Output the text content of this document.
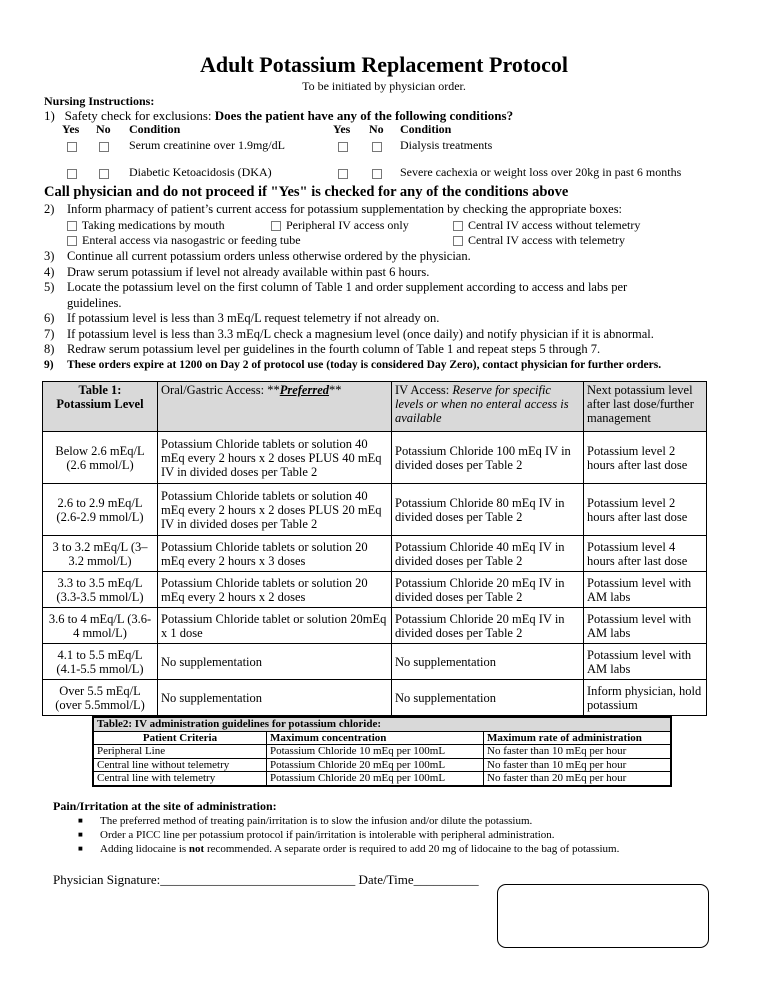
Adult Potassium Replacement Protocol
To be initiated by physician order.
Nursing Instructions:
1) Safety check for exclusions: Does the patient have any of the following conditions?
Yes No Condition	Yes No Condition
Serum creatinine over 1.9mg/dL	Dialysis treatments
Diabetic Ketoacidosis (DKA)	Severe cachexia or weight loss over 20kg in past 6 months
Call physician and do not proceed if "Yes" is checked for any of the conditions above
2)	Inform pharmacy of patient’s current access for potassium supplementation by checking the appropriate boxes:
Taking medications by mouth	Peripheral IV access only	Central IV access without telemetry
Enteral access via nasogastric or feeding tube	Central IV access with telemetry
3)	Continue all current potassium orders unless otherwise ordered by the physician.
4)	Draw serum potassium if level not already available within past 6 hours.
5)	Locate the potassium level on the first column of Table 1 and order supplement according to access and labs per
guidelines.
6)	If potassium level is less than 3 mEq/L request telemetry if not already on.
7)	If potassium level is less than 3.3 mEq/L check a magnesium level (once daily) and notify physician if it is abnormal.
8)	Redraw serum potassium level per guidelines in the fourth column of Table 1 and repeat steps 5 through 7.
9)	These orders expire at 1200 on Day 2 of protocol use (today is considered Day Zero), contact physician for further orders.
Table 1:
Potassium Level	Oral/Gastric Access: **Preferred**	IV Access: Reserve for specific levels or when no enteral access is available	Next potassium level after last dose/further management
Below 2.6 mEq/L (2.6 mmol/L)	Potassium Chloride tablets or solution 40 mEq every 2 hours x 2 doses PLUS 40 mEq IV in divided doses per Table 2	Potassium Chloride 100 mEq IV in divided doses per Table 2	Potassium level 2 hours after last dose
2.6 to 2.9 mEq/L (2.6-2.9 mmol/L)	Potassium Chloride tablets or solution 40 mEq every 2 hours x 2 doses PLUS 20 mEq IV in divided doses per Table 2	Potassium Chloride 80 mEq IV in divided doses per Table 2	Potassium level 2 hours after last dose
3 to 3.2 mEq/L (3–3.2 mmol/L)	Potassium Chloride tablets or solution 20 mEq every 2 hours x 3 doses	Potassium Chloride 40 mEq IV in divided doses per Table 2	Potassium level 4 hours after last dose
3.3 to 3.5 mEq/L (3.3-3.5 mmol/L)	Potassium Chloride tablets or solution 20 mEq every 2 hours x 2 doses	Potassium Chloride 20 mEq IV in divided doses per Table 2	Potassium level with AM labs
3.6 to 4 mEq/L (3.6-4 mmol/L)	Potassium Chloride tablet or solution 20mEq x 1 dose	Potassium Chloride 20 mEq IV in divided doses per Table 2	Potassium level with AM labs
4.1 to 5.5 mEq/L (4.1-5.5 mmol/L)	No supplementation	No supplementation	Potassium level with AM labs
Over 5.5 mEq/L (over 5.5mmol/L)	No supplementation	No supplementation	Inform physician, hold potassium
Table2: IV administration guidelines for potassium chloride:		
Patient Criteria	Maximum concentration	Maximum rate of administration
Peripheral Line	Potassium Chloride 10 mEq per 100mL	No faster than 10 mEq per hour
Central line without telemetry	Potassium Chloride 20 mEq per 100mL	No faster than 10 mEq per hour
Central line with telemetry	Potassium Chloride 20 mEq per 100mL	No faster than 20 mEq per hour
Pain/Irritation at the site of administration:
■	The preferred method of treating pain/irritation is to slow the infusion and/or dilute the potassium.
■	Order a PICC line per potassium protocol if pain/irritation is intolerable with peripheral administration.
■	Adding lidocaine is not recommended. A separate order is required to add 20 mg of lidocaine to the bag of potassium.
Physician Signature:______________________________ Date/Time__________
